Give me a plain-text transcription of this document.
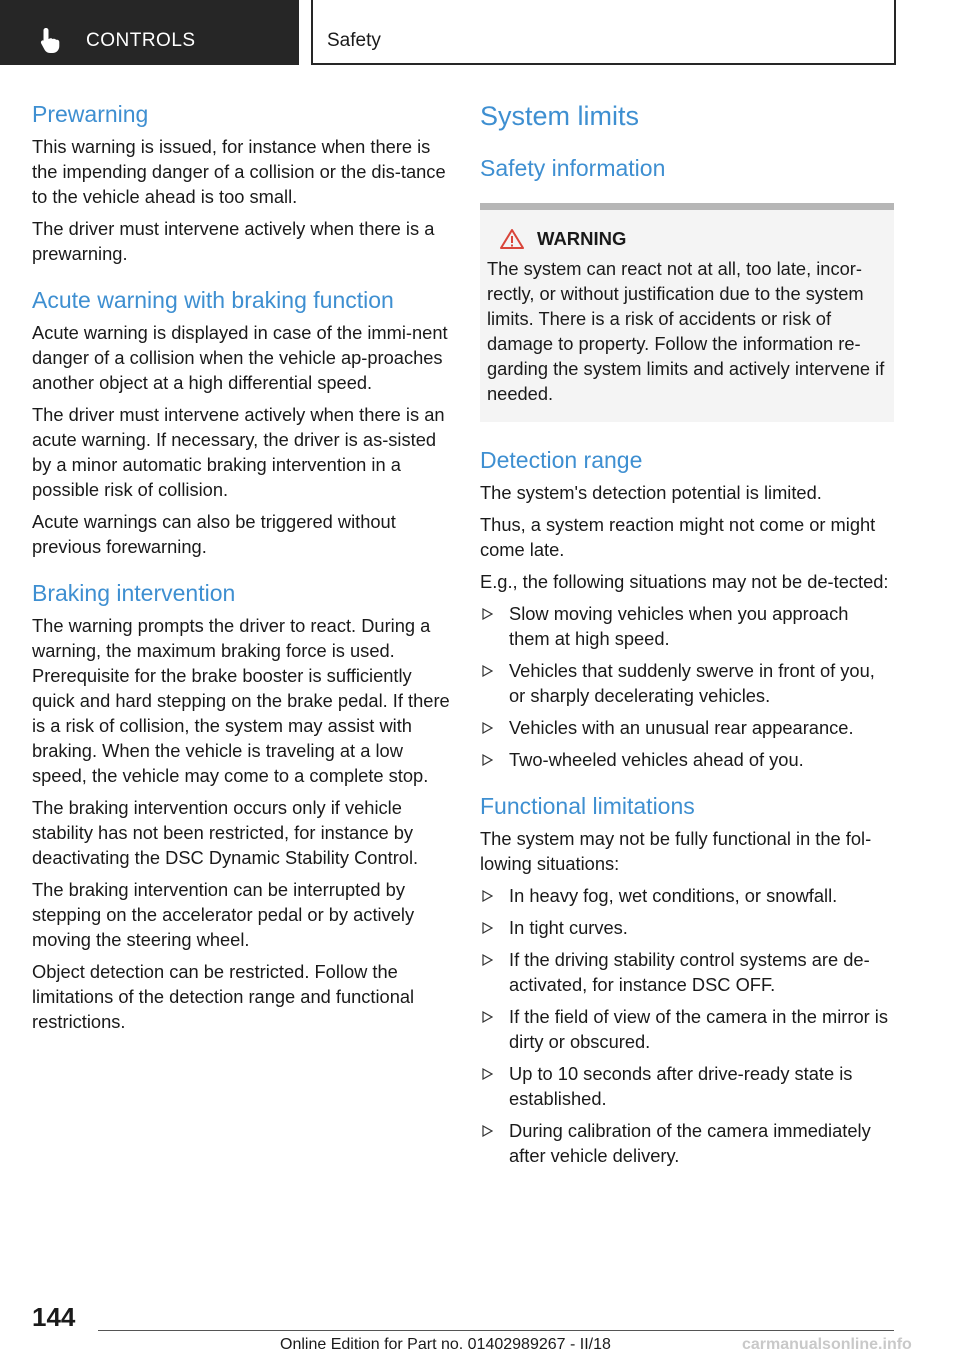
CONTROLS	Safety
Prewarning

This warning is issued, for instance when there is the impending danger of a collision or the dis‐tance to the vehicle ahead is too small.

The driver must intervene actively when there is a prewarning.

Acute warning with braking function

Acute warning is displayed in case of the immi‐nent danger of a collision when the vehicle ap‐proaches another object at a high differential speed.

The driver must intervene actively when there is an acute warning. If necessary, the driver is as‐sisted by a minor automatic braking intervention in a possible risk of collision.

Acute warnings can also be triggered without previous forewarning.

Braking intervention

The warning prompts the driver to react. During a warning, the maximum braking force is used. Prerequisite for the brake booster is sufficiently quick and hard stepping on the brake pedal. If there is a risk of collision, the system may assist with braking. When the vehicle is traveling at a low speed, the vehicle may come to a complete stop.

The braking intervention occurs only if vehicle stability has not been restricted, for instance by deactivating the DSC Dynamic Stability Control.

The braking intervention can be interrupted by stepping on the accelerator pedal or by actively moving the steering wheel.

Object detection can be restricted. Follow the limitations of the detection range and functional restrictions.

System limits
Safety information
WARNING

The system can react not at all, too late, incor‐rectly, or without justification due to the system limits. There is a risk of accidents or risk of damage to property. Follow the information re‐garding the system limits and actively intervene if needed.

Detection range

The system's detection potential is limited.

Thus, a system reaction might not come or might come late.

E.g., the following situations may not be de‐tected:

Slow moving vehicles when you approach them at high speed.
Vehicles that suddenly swerve in front of you, or sharply decelerating vehicles.
Vehicles with an unusual rear appearance.
Two-wheeled vehicles ahead of you.
Functional limitations

The system may not be fully functional in the fol‐lowing situations:

In heavy fog, wet conditions, or snowfall.
In tight curves.
If the driving stability control systems are de‐activated, for instance DSC OFF.
If the field of view of the camera in the mirror is dirty or obscured.
Up to 10 seconds after drive-ready state is established.
During calibration of the camera immediately after vehicle delivery.
144
Online Edition for Part no. 01402989267 - II/18	carmanualsonline.info
